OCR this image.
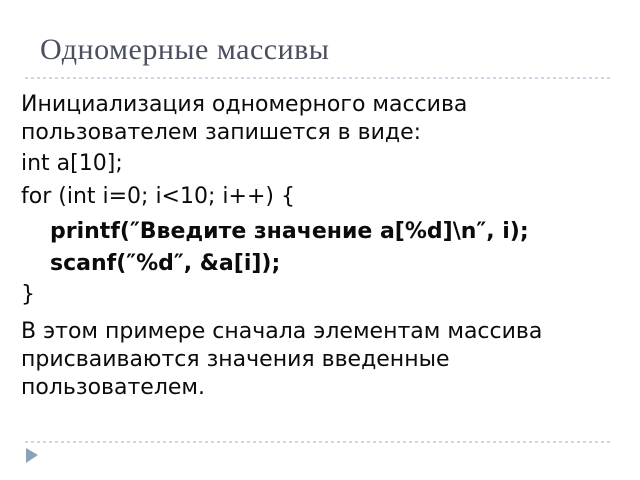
Одномерные массивы
Инициализация одномерного массива
пользователем запишется в виде:
int a[10];
for (int i=0; i<10; i++) {
printf(″Введите значение a[%d]\n″, i);
scanf(″%d″, &a[i]);
}
В этом примере сначала элементам массива
присваиваются значения введенные
пользователем.
